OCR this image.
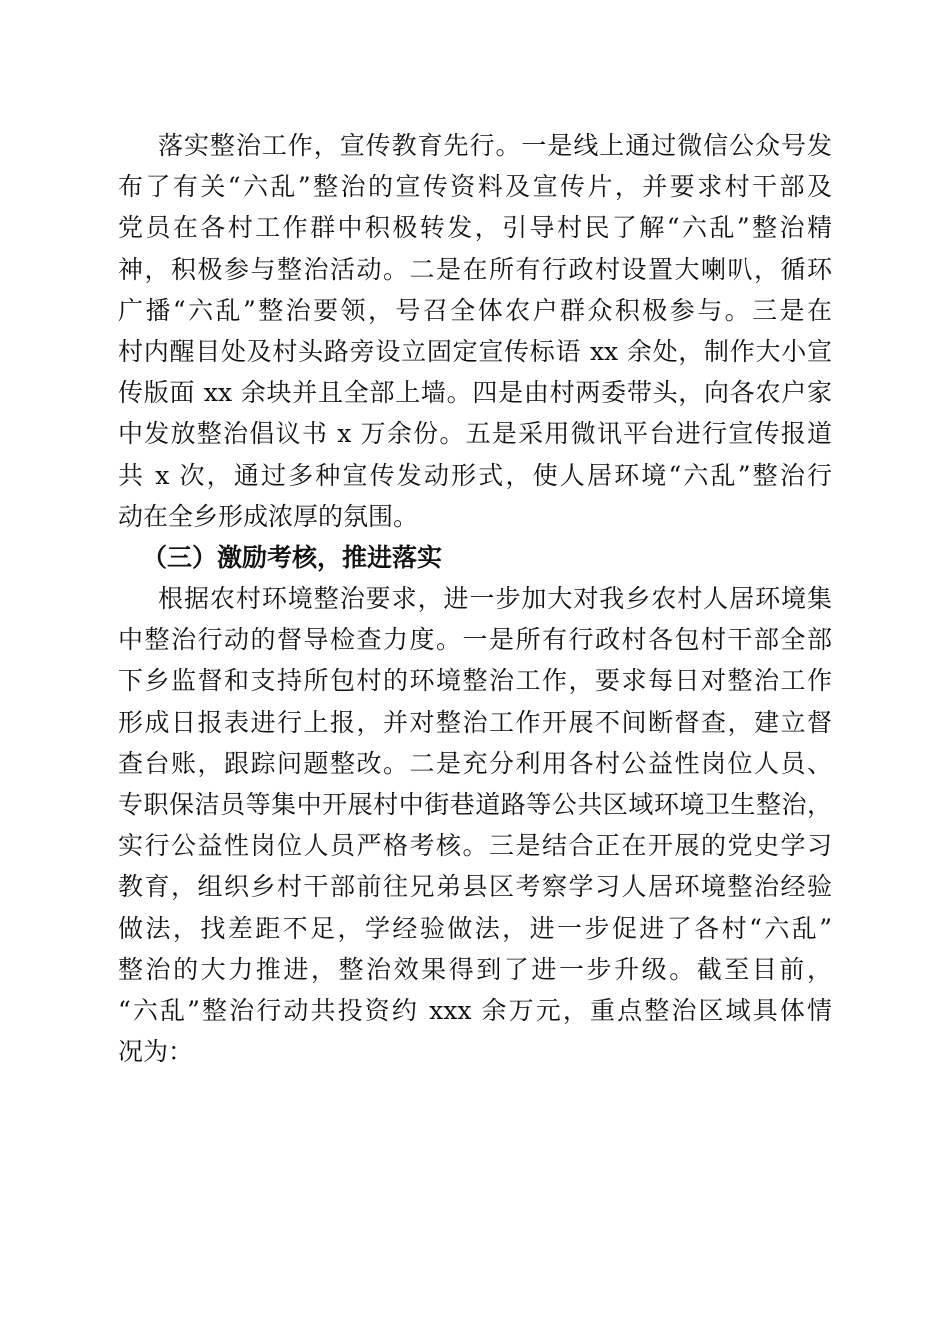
落实整治工作，宣传教育先行。一是线上通过微信公众号发
布了有关“六乱”整治的宣传资料及宣传片，并要求村干部及
党员在各村工作群中积极转发，引导村民了解“六乱”整治精
神，积极参与整治活动。二是在所有行政村设置大喇叭，循环
广播“六乱”整治要领，号召全体农户群众积极参与。三是在
村内醒目处及村头路旁设立固定宣传标语 xx 余处，制作大小宣
传版面 xx 余块并且全部上墙。四是由村两委带头，向各农户家
中发放整治倡议书 x 万余份。五是采用微讯平台进行宣传报道
共 x 次，通过多种宣传发动形式，使人居环境“六乱”整治行
动在全乡形成浓厚的氛围。
（三）激励考核，推进落实
根据农村环境整治要求，进一步加大对我乡农村人居环境集
中整治行动的督导检查力度。一是所有行政村各包村干部全部
下乡监督和支持所包村的环境整治工作，要求每日对整治工作
形成日报表进行上报，并对整治工作开展不间断督查，建立督
查台账，跟踪问题整改。二是充分利用各村公益性岗位人员、
专职保洁员等集中开展村中街巷道路等公共区域环境卫生整治，
实行公益性岗位人员严格考核。三是结合正在开展的党史学习
教育，组织乡村干部前往兄弟县区考察学习人居环境整治经验
做法，找差距不足，学经验做法，进一步促进了各村“六乱”
整治的大力推进，整治效果得到了进一步升级。截至目前，
“六乱”整治行动共投资约 xxx 余万元，重点整治区域具体情
况为：
